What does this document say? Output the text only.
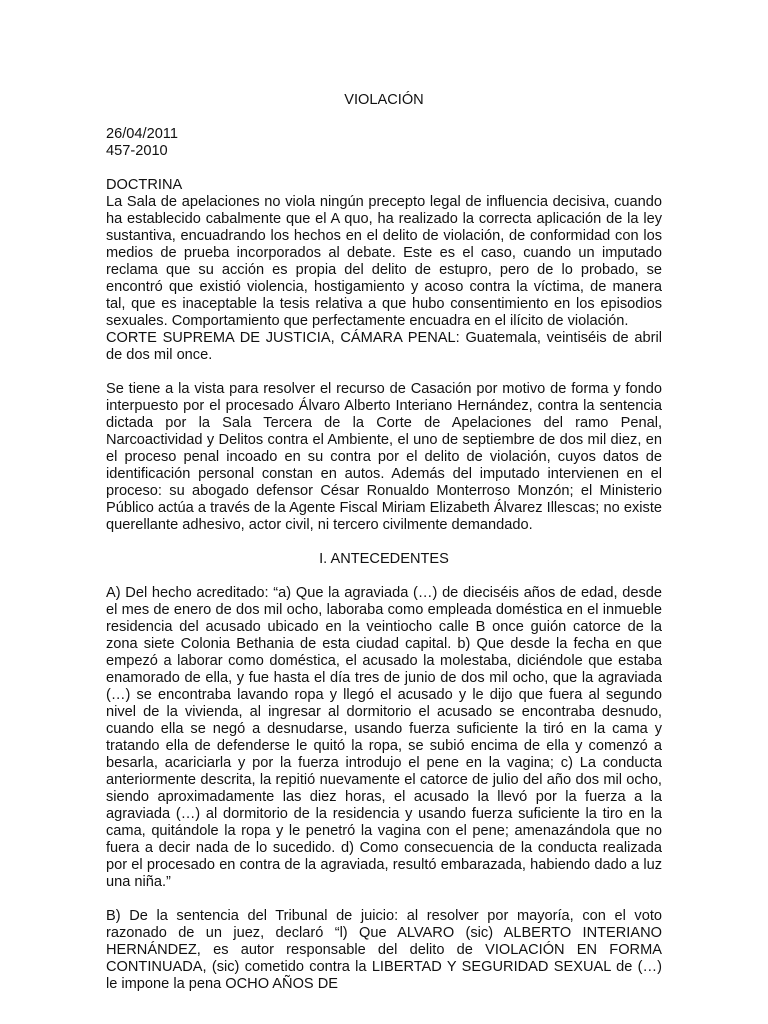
VIOLACIÓN

26/04/2011

457-2010

DOCTRINA

La Sala de apelaciones no viola ningún precepto legal de influencia decisiva, cuando ha establecido cabalmente que el A quo, ha realizado la correcta aplicación de la ley sustantiva, encuadrando los hechos en el delito de violación, de conformidad con los medios de prueba incorporados al debate. Este es el caso, cuando un imputado reclama que su acción es propia del delito de estupro, pero de lo probado, se encontró que existió violencia, hostigamiento y acoso contra la víctima, de manera tal, que es inaceptable la tesis relativa a que hubo consentimiento en los episodios sexuales. Comportamiento que perfectamente encuadra en el ilícito de violación.

CORTE SUPREMA DE JUSTICIA, CÁMARA PENAL: Guatemala, veintiséis de abril de dos mil once.

Se tiene a la vista para resolver el recurso de Casación por motivo de forma y fondo interpuesto por el procesado Álvaro Alberto Interiano Hernández, contra la sentencia dictada por la Sala Tercera de la Corte de Apelaciones del ramo Penal, Narcoactividad y Delitos contra el Ambiente, el uno de septiembre de dos mil diez, en el proceso penal incoado en su contra por el delito de violación, cuyos datos de identificación personal constan en autos. Además del imputado intervienen en el proceso: su abogado defensor César Ronualdo Monterroso Monzón; el Ministerio Público actúa a través de la Agente Fiscal Miriam Elizabeth Álvarez Illescas; no existe querellante adhesivo, actor civil, ni tercero civilmente demandado.

I. ANTECEDENTES

A) Del hecho acreditado: “a) Que la agraviada (…) de dieciséis años de edad, desde el mes de enero de dos mil ocho, laboraba como empleada doméstica en el inmueble residencia del acusado ubicado en la veintiocho calle B once guión catorce de la zona siete Colonia Bethania de esta ciudad capital. b) Que desde la fecha en que empezó a laborar como doméstica, el acusado la molestaba, diciéndole que estaba enamorado de ella, y fue hasta el día tres de junio de dos mil ocho, que la agraviada (…) se encontraba lavando ropa y llegó el acusado y le dijo que fuera al segundo nivel de la vivienda, al ingresar al dormitorio el acusado se encontraba desnudo, cuando ella se negó a desnudarse, usando fuerza suficiente la tiró en la cama y tratando ella de defenderse le quitó la ropa, se subió encima de ella y comenzó a besarla, acariciarla y por la fuerza introdujo el pene en la vagina; c) La conducta anteriormente descrita, la repitió nuevamente el catorce de julio del año dos mil ocho, siendo aproximadamente las diez horas, el acusado la llevó por la fuerza a la agraviada (…) al dormitorio de la residencia y usando fuerza suficiente la tiro en la cama, quitándole la ropa y le penetró la vagina con el pene; amenazándola que no fuera a decir nada de lo sucedido. d) Como consecuencia de la conducta realizada por el procesado en contra de la agraviada, resultó embarazada, habiendo dado a luz una niña.”

B) De la sentencia del Tribunal de juicio: al resolver por mayoría, con el voto razonado de un juez, declaró “l) Que ALVARO (sic) ALBERTO INTERIANO HERNÁNDEZ, es autor responsable del delito de VIOLACIÓN EN FORMA CONTINUADA, (sic) cometido contra la LIBERTAD Y SEGURIDAD SEXUAL de (…) le impone la pena OCHO AÑOS DE
